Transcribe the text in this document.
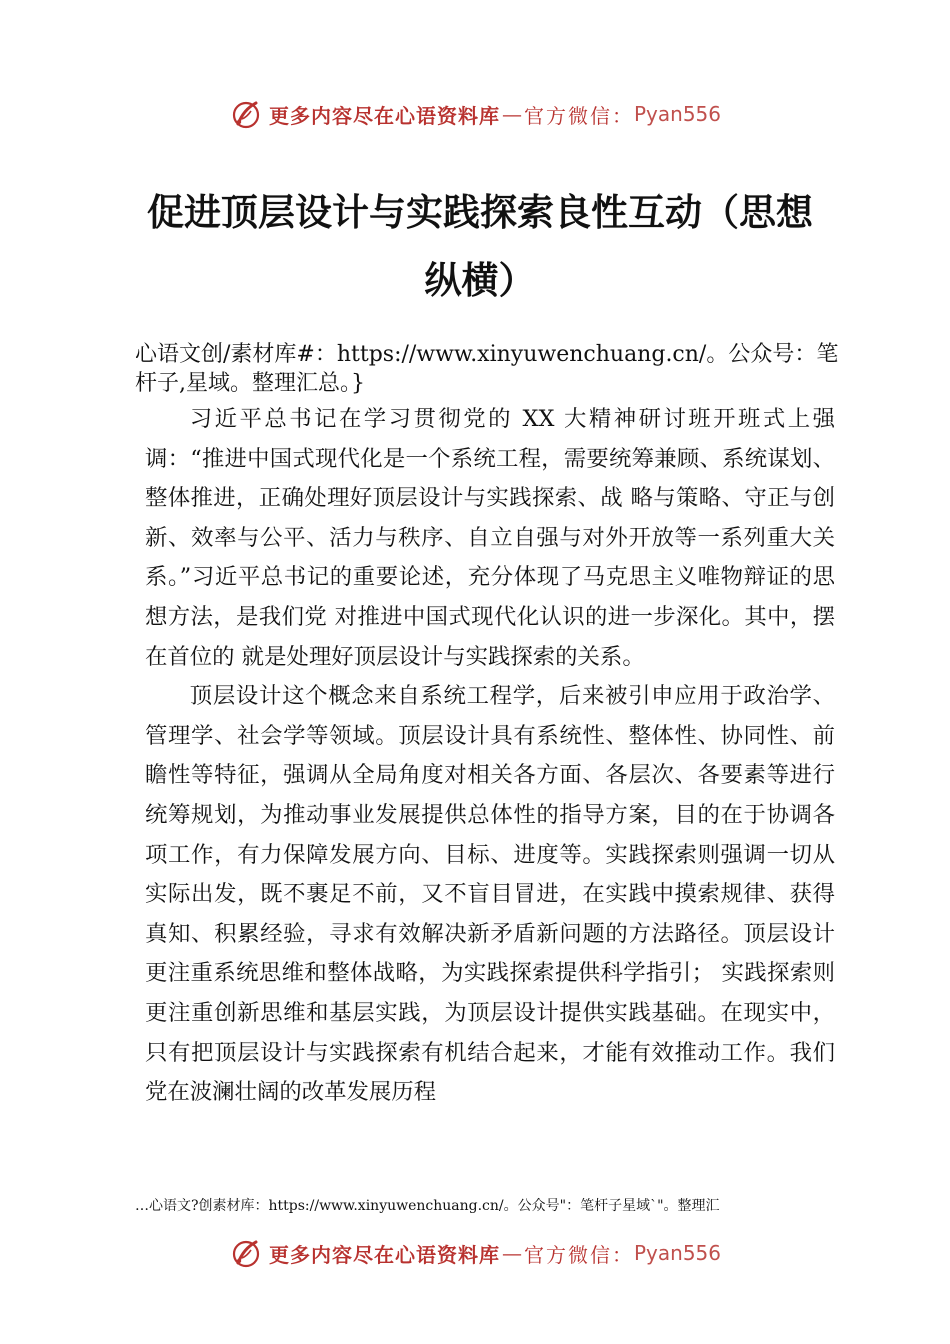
更多内容尽在心语资料库 — 官方微信： Pyan556
促进顶层设计与实践探索良性互动（思想纵横）
心语文创/素材库#：https://www.xinyuwenchuang.cn/。公众号：笔杆子,星域。整理汇总。}

习近平总书记在学习贯彻党的 XX 大精神研讨班开班式上强调：“推进中国式现代化是一个系统工程，需要统筹兼顾、系统谋划、整体推进，正确处理好顶层设计与实践探索、战 略与策略、守正与创新、效率与公平、活力与秩序、自立自强与对外开放等一系列重大关系。”习近平总书记的重要论述，充分体现了马克思主义唯物辩证的思想方法，是我们党 对推进中国式现代化认识的进一步深化。其中，摆在首位的 就是处理好顶层设计与实践探索的关系。

顶层设计这个概念来自系统工程学，后来被引申应用于政治学、管理学、社会学等领域。顶层设计具有系统性、整体性、协同性、前瞻性等特征，强调从全局角度对相关各方面、各层次、各要素等进行统筹规划，为推动事业发展提供总体性的指导方案，目的在于协调各项工作，有力保障发展方向、目标、进度等。实践探索则强调一切从实际出发，既不裹足不前，又不盲目冒进，在实践中摸索规律、获得真知、积累经验，寻求有效解决新矛盾新问题的方法路径。顶层设计更注重系统思维和整体战略，为实践探索提供科学指引； 实践探索则更注重创新思维和基层实践，为顶层设计提供实践基础。在现实中，只有把顶层设计与实践探索有机结合起来，才能有效推动工作。我们党在波澜壮阔的改革发展历程

…心语文?创素材库：https://www.xinyuwenchuang.cn/。公众号"：笔杆子星域`"。整理汇
更多内容尽在心语资料库 — 官方微信： Pyan556
